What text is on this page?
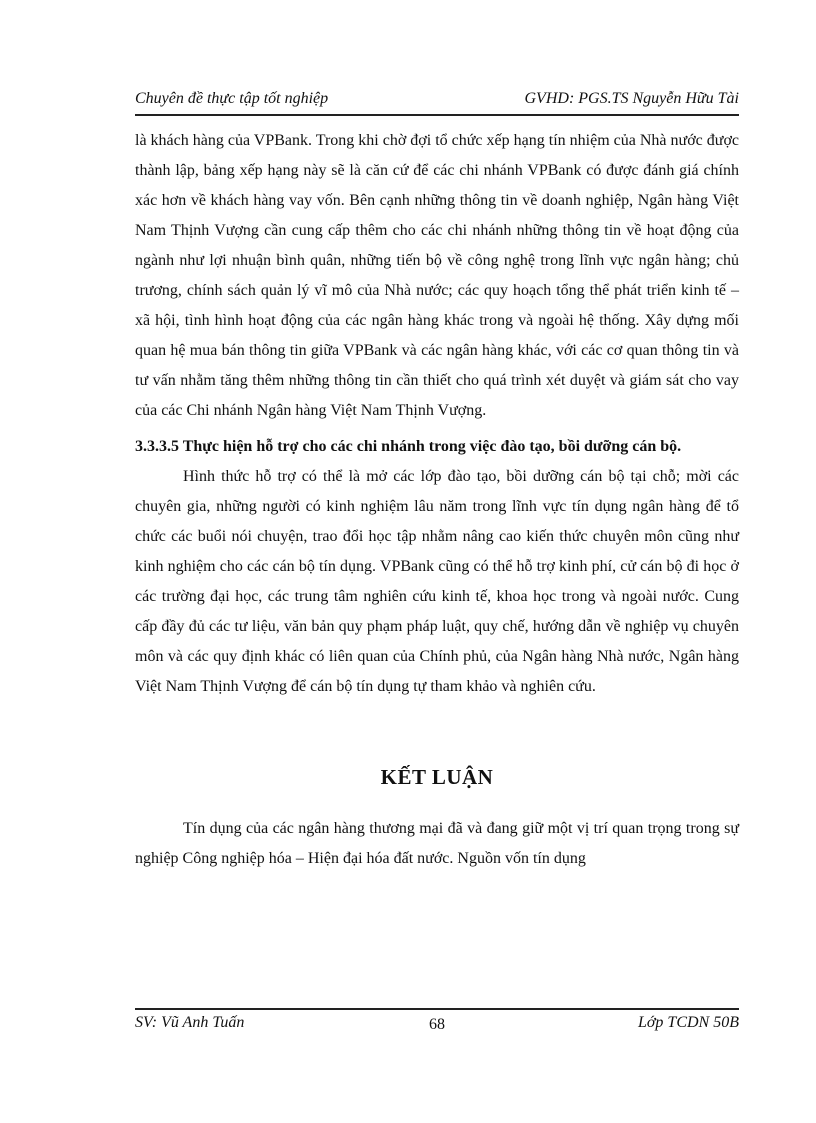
Chuyên đề thực tập tốt nghiệp	GVHD: PGS.TS Nguyễn Hữu Tài

là khách hàng của VPBank. Trong khi chờ đợi tổ chức xếp hạng tín nhiệm của Nhà nước được thành lập, bảng xếp hạng này sẽ là căn cứ để các chi nhánh VPBank có được đánh giá chính xác hơn về khách hàng vay vốn. Bên cạnh những thông tin về doanh nghiệp, Ngân hàng Việt Nam Thịnh Vượng cần cung cấp thêm cho các chi nhánh những thông tin về hoạt động của ngành như lợi nhuận bình quân, những tiến bộ về công nghệ trong lĩnh vực ngân hàng; chủ trương, chính sách quản lý vĩ mô của Nhà nước; các quy hoạch tổng thể phát triển kinh tế – xã hội, tình hình hoạt động của các ngân hàng khác trong và ngoài hệ thống. Xây dựng mối quan hệ mua bán thông tin giữa VPBank và các ngân hàng khác, với các cơ quan thông tin và tư vấn nhằm tăng thêm những thông tin cần thiết cho quá trình xét duyệt và giám sát cho vay của các Chi nhánh Ngân hàng Việt Nam Thịnh Vượng.

3.3.3.5 Thực hiện hỗ trợ cho các chi nhánh trong việc đào tạo, bồi dưỡng cán bộ.

Hình thức hỗ trợ có thể là mở các lớp đào tạo, bồi dưỡng cán bộ tại chỗ; mời các chuyên gia, những người có kinh nghiệm lâu năm trong lĩnh vực tín dụng ngân hàng để tổ chức các buổi nói chuyện, trao đổi học tập nhằm nâng cao kiến thức chuyên môn cũng như kinh nghiệm cho các cán bộ tín dụng. VPBank cũng có thể hỗ trợ kinh phí, cử cán bộ đi học ở các trường đại học, các trung tâm nghiên cứu kinh tế, khoa học trong và ngoài nước. Cung cấp đầy đủ các tư liệu, văn bản quy phạm pháp luật, quy chế, hướng dẫn về nghiệp vụ chuyên môn và các quy định khác có liên quan của Chính phủ, của Ngân hàng Nhà nước, Ngân hàng Việt Nam Thịnh Vượng để cán bộ tín dụng tự tham khảo và nghiên cứu.

KẾT LUẬN

Tín dụng của các ngân hàng thương mại đã và đang giữ một vị trí quan trọng trong sự nghiệp Công nghiệp hóa – Hiện đại hóa đất nước. Nguồn vốn tín dụng

SV: Vũ Anh Tuấn	68	Lớp TCDN 50B
